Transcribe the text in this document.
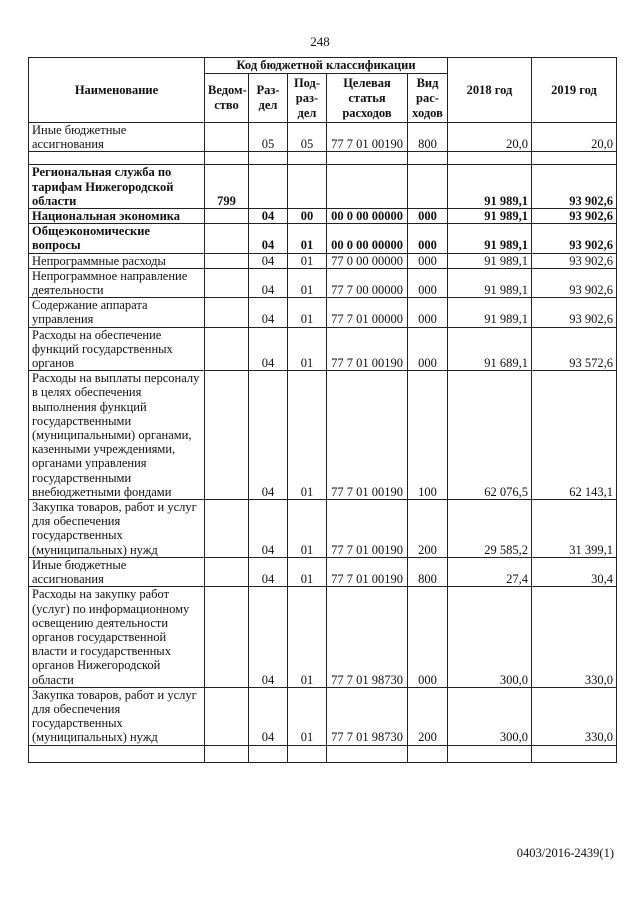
248
Наименование	Код бюджетной классификации					2018 год	2019 год
	Ведом-ство	Раз-дел	Под-раз-дел	Целевая статья расходов	Вид рас-ходов		
Иные бюджетные ассигнования		05	05	77 7 01 00190	800	20,0	20,0

Региональная служба по тарифам Нижегородской области	799					91 989,1	93 902,6
Национальная экономика		04	00	00 0 00 00000	000	91 989,1	93 902,6
Общеэкономические вопросы		04	01	00 0 00 00000	000	91 989,1	93 902,6
Непрограммные расходы		04	01	77 0 00 00000	000	91 989,1	93 902,6
Непрограммное направление деятельности		04	01	77 7 00 00000	000	91 989,1	93 902,6
Содержание аппарата управления		04	01	77 7 01 00000	000	91 989,1	93 902,6
Расходы на обеспечение функций государственных органов		04	01	77 7 01 00190	000	91 689,1	93 572,6
Расходы на выплаты персоналу в целях обеспечения выполнения функций государственными (муниципальными) органами, казенными учреждениями, органами управления государственными внебюджетными фондами		04	01	77 7 01 00190	100	62 076,5	62 143,1
Закупка товаров, работ и услуг для обеспечения государственных (муниципальных) нужд		04	01	77 7 01 00190	200	29 585,2	31 399,1
Иные бюджетные ассигнования		04	01	77 7 01 00190	800	27,4	30,4
Расходы на закупку работ (услуг) по информационному освещению деятельности органов государственной власти и государственных органов Нижегородской области		04	01	77 7 01 98730	000	300,0	330,0
Закупка товаров, работ и услуг для обеспечения государственных (муниципальных) нужд		04	01	77 7 01 98730	200	300,0	330,0

0403/2016-2439(1)
